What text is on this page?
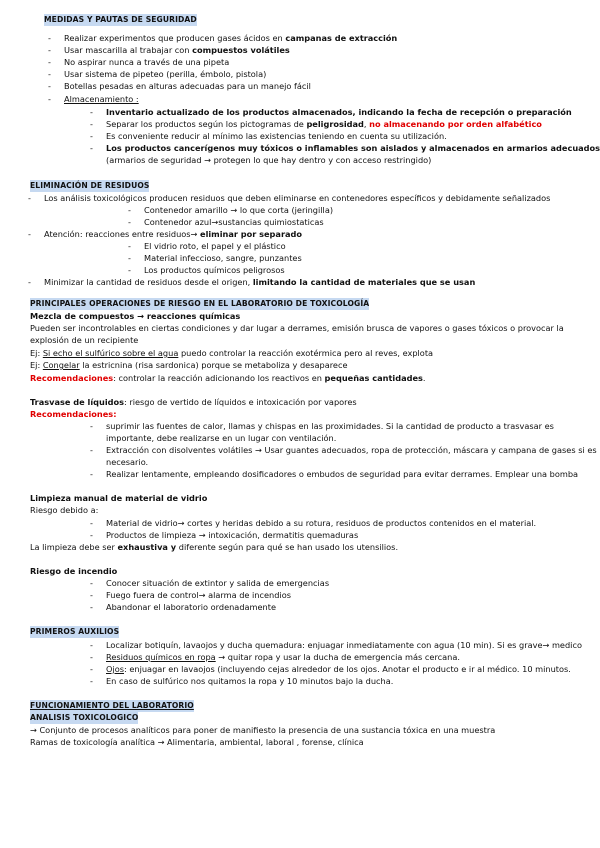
MEDIDAS Y PAUTAS DE SEGURIDAD
- Realizar experimentos que producen gases ácidos en campanas de extracción
- Usar mascarilla al trabajar con compuestos volátiles
- No aspirar nunca a través de una pipeta
- Usar sistema de pipeteo (perilla, émbolo, pistola)
- Botellas pesadas en alturas adecuadas para un manejo fácil
- Almacenamiento :
- Inventario actualizado de los productos almacenados, indicando la fecha de recepción o preparación
- Separar los productos según los pictogramas de peligrosidad, no almacenando por orden alfabético
- Es conveniente reducir al mínimo las existencias teniendo en cuenta su utilización.
- Los productos cancerígenos muy tóxicos o inflamables son aislados y almacenados en armarios adecuados
(armarios de seguridad → protegen lo que hay dentro y con acceso restringido)
ELIMINACIÓN DE RESIDUOS
- Los análisis toxicológicos producen residuos que deben eliminarse en contenedores específicos y debidamente señalizados
- Contenedor amarillo → lo que corta (jeringilla)
- Contenedor azul→sustancias quimiostaticas
- Atención: reacciones entre residuos→ eliminar por separado
- El vidrio roto, el papel y el plástico
- Material infeccioso, sangre, punzantes
- Los productos químicos peligrosos
- Minimizar la cantidad de residuos desde el origen, limitando la cantidad de materiales que se usan
PRINCIPALES OPERACIONES DE RIESGO EN EL LABORATORIO DE TOXICOLOGÍA
Mezcla de compuestos → reacciones químicas
Pueden ser incontrolables en ciertas condiciones y dar lugar a derrames, emisión brusca de vapores o gases tóxicos o provocar la
explosión de un recipiente
Ej: Si echo el sulfúrico sobre el agua puedo controlar la reacción exotérmica pero al reves, explota
Ej: Congelar la estricnina (risa sardonica) porque se metaboliza y desaparece
Recomendaciones: controlar la reacción adicionando los reactivos en pequeñas cantidades.
Trasvase de líquidos: riesgo de vertido de líquidos e intoxicación por vapores
Recomendaciones:
- suprimir las fuentes de calor, llamas y chispas en las proximidades. Si la cantidad de producto a trasvasar es
importante, debe realizarse en un lugar con ventilación.
- Extracción con disolventes volátiles → Usar guantes adecuados, ropa de protección, máscara y campana de gases si es
necesario.
- Realizar lentamente, empleando dosificadores o embudos de seguridad para evitar derrames. Emplear una bomba
Limpieza manual de material de vidrio
Riesgo debido a:
- Material de vidrio→ cortes y heridas debido a su rotura, residuos de productos contenidos en el material.
- Productos de limpieza → intoxicación, dermatitis quemaduras
La limpieza debe ser exhaustiva y diferente según para qué se han usado los utensilios.
Riesgo de incendio
- Conocer situación de extintor y salida de emergencias
- Fuego fuera de control→ alarma de incendios
- Abandonar el laboratorio ordenadamente
PRIMEROS AUXILIOS
- Localizar botiquín, lavaojos y ducha quemadura: enjuagar inmediatamente con agua (10 min). Si es grave→ medico
- Residuos químicos en ropa → quitar ropa y usar la ducha de emergencia más cercana.
- Ojos: enjuagar en lavaojos (incluyendo cejas alrededor de los ojos. Anotar el producto e ir al médico. 10 minutos.
- En caso de sulfúrico nos quitamos la ropa y 10 minutos bajo la ducha.
FUNCIONAMIENTO DEL LABORATORIO
ANALISIS TOXICOLOGICO
→ Conjunto de procesos analíticos para poner de manifiesto la presencia de una sustancia tóxica en una muestra
Ramas de toxicología analítica → Alimentaria, ambiental, laboral , forense, clínica
